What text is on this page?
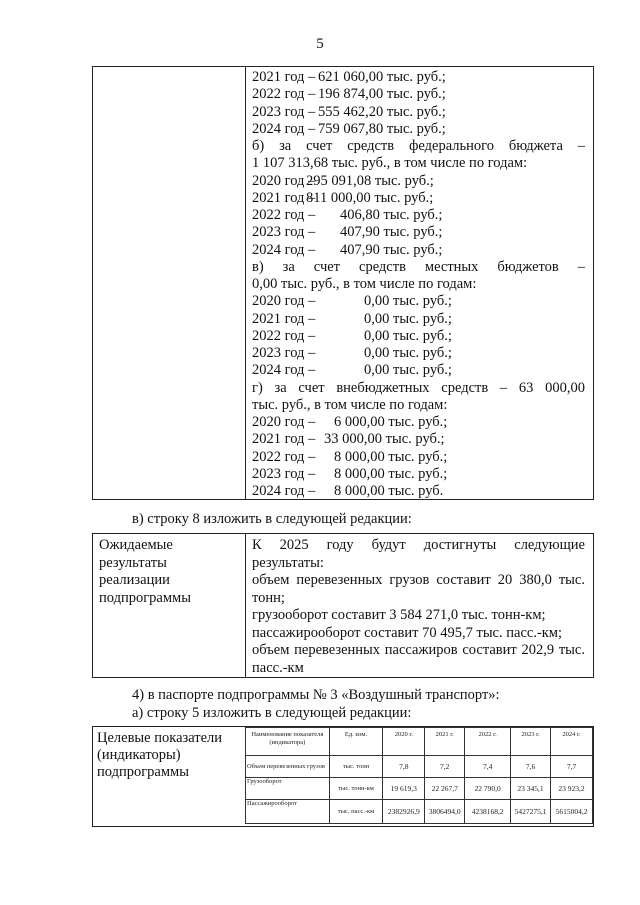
5
2021 год – 621 060,00 тыс. руб.;
2022 год – 196 874,00 тыс. руб.;
2023 год – 555 462,20 тыс. руб.;
2024 год – 759 067,80 тыс. руб.;
б) за счет средств федерального бюджета –
1 107 313,68 тыс. руб., в том числе по годам:
2020 год –295 091,08 тыс. руб.;
2021 год –811 000,00 тыс. руб.;
2022 год – 406,80 тыс. руб.;
2023 год – 407,90 тыс. руб.;
2024 год – 407,90 тыс. руб.;
в) за счет средств местных бюджетов –
0,00 тыс. руб., в том числе по годам:
2020 год –	0,00 тыс. руб.;
2021 год –	0,00 тыс. руб.;
2022 год –	0,00 тыс. руб.;
2023 год –	0,00 тыс. руб.;
2024 год –	0,00 тыс. руб.;
г) за счет внебюджетных средств – 63 000,00
тыс. руб., в том числе по годам:
2020 год – 6 000,00 тыс. руб.;
2021 год – 33 000,00 тыс. руб.;
2022 год – 8 000,00 тыс. руб.;
2023 год – 8 000,00 тыс. руб.;
2024 год – 8 000,00 тыс. руб.
в) строку 8 изложить в следующей редакции:
Ожидаемые
результаты
реализации
подпрограммы
К 2025 году будут достигнуты следующие
результаты:
объем перевезенных грузов составит 20 380,0 тыс.
тонн;
грузооборот составит 3 584 271,0 тыс. тонн-км;
пассажирооборот составит 70 495,7 тыс. пасс.-км;
объем перевезенных пассажиров составит 202,9 тыс.
пасс.-км
4) в паспорте подпрограммы № 3 «Воздушный транспорт»:
а) строку 5 изложить в следующей редакции:
Целевые показатели
(индикаторы)
подпрограммы
Наименование показателя (индикатора)	Ед. изм.	2020 г.	2021 г.	2022 г.	2023 г.	2024 г.
Объем перевезенных грузов	тыс. тонн	7,8	7,2	7,4	7,6	7,7
Грузооборот	тыс. тонн-км	19 619,3	22 267,7	22 790,0	23 345,1	23 923,2
Пассажирооборот	тыс. пасс.-км	2382926,9	3806494,0	4238168,2	5427275,1	5615004,2
